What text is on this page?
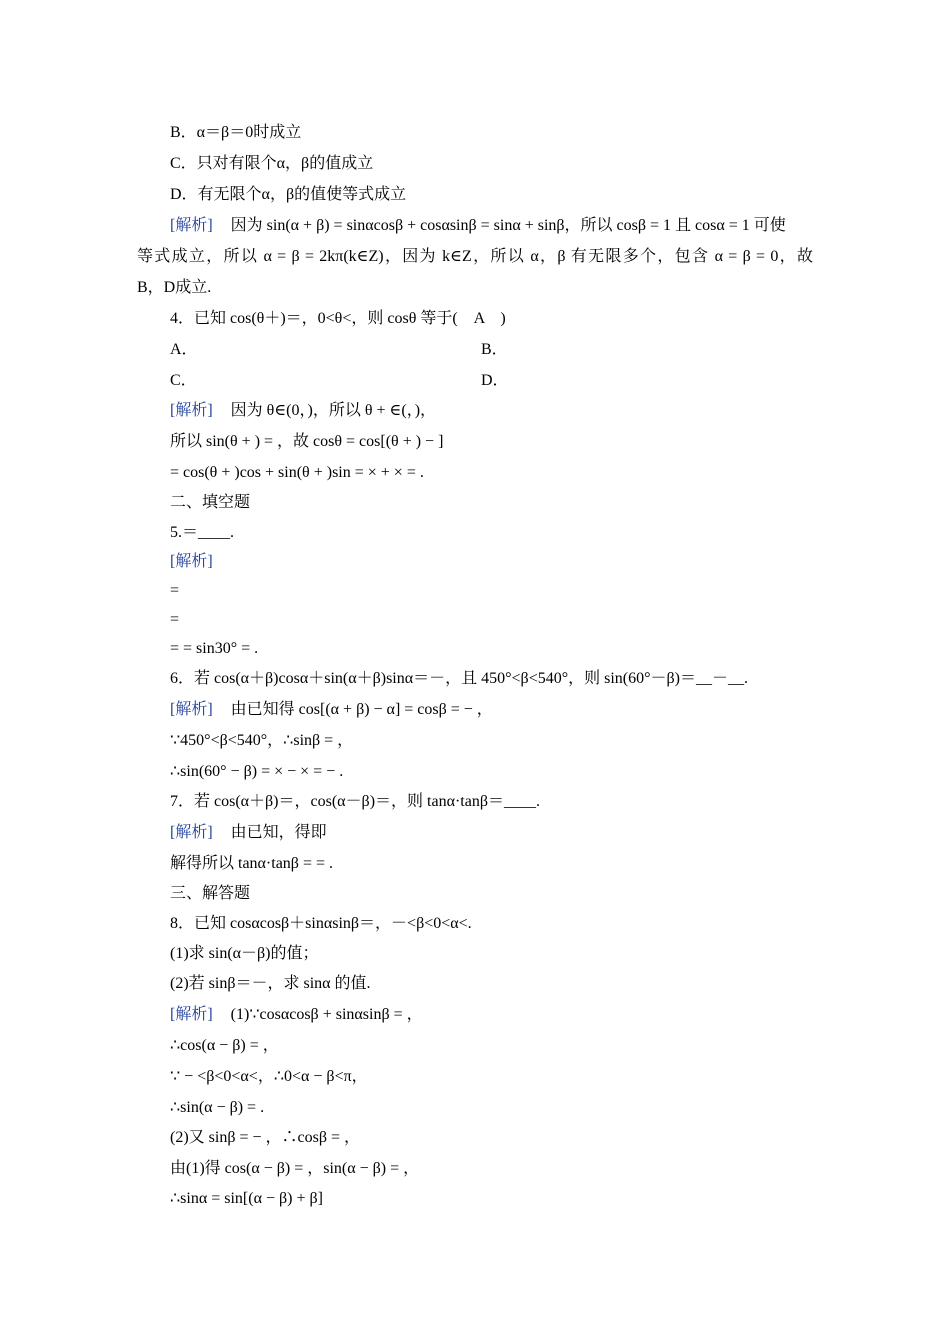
B．α＝β＝0时成立
C．只对有限个α，β的值成立
D．有无限个α，β的值使等式成立
[解析] 因为 sin(α + β) = sinαcosβ + cosαsinβ = sinα + sinβ，所以 cosβ = 1 且 cosα = 1 可使
等式成立，所以 α = β = 2kπ(k∈Z)，因为 k∈Z，所以 α，β 有无限多个，包含 α = β = 0，故
B，D成立.
4．已知 cos(θ＋)＝，0<θ<，则 cosθ 等于(　A　)
A．	B．
C．	D．
[解析] 因为 θ∈(0，)，所以 θ + ∈(，)，
所以 sin(θ + ) = ，故 cosθ = cos[(θ + ) − ]
= cos(θ + )cos + sin(θ + )sin = × + × = .
二、填空题
5.＝____.
[解析]
=
=
= = sin30° = .
6．若 cos(α＋β)cosα＋sin(α＋β)sinα＝－，且 450°<β<540°，则 sin(60°－β)＝__－__.
[解析] 由已知得 cos[(α + β) − α] = cosβ = − ，
∵450°<β<540°，∴sinβ = ，
∴sin(60° − β) = × − × = − .
7．若 cos(α＋β)＝，cos(α－β)＝，则 tanα·tanβ＝____.
[解析] 由已知，得即
解得所以 tanα·tanβ = = .
三、解答题
8．已知 cosαcosβ＋sinαsinβ＝，－<β<0<α<.
(1)求 sin(α－β)的值；
(2)若 sinβ＝－，求 sinα 的值.
[解析] (1)∵cosαcosβ + sinαsinβ = ，
∴cos(α − β) = ，
∵ − <β<0<α<，∴0<α − β<π，
∴sin(α − β) = .
(2)又 sinβ = − ，∴cosβ = ，
由(1)得 cos(α − β) = ，sin(α − β) = ，
∴sinα = sin[(α − β) + β]
